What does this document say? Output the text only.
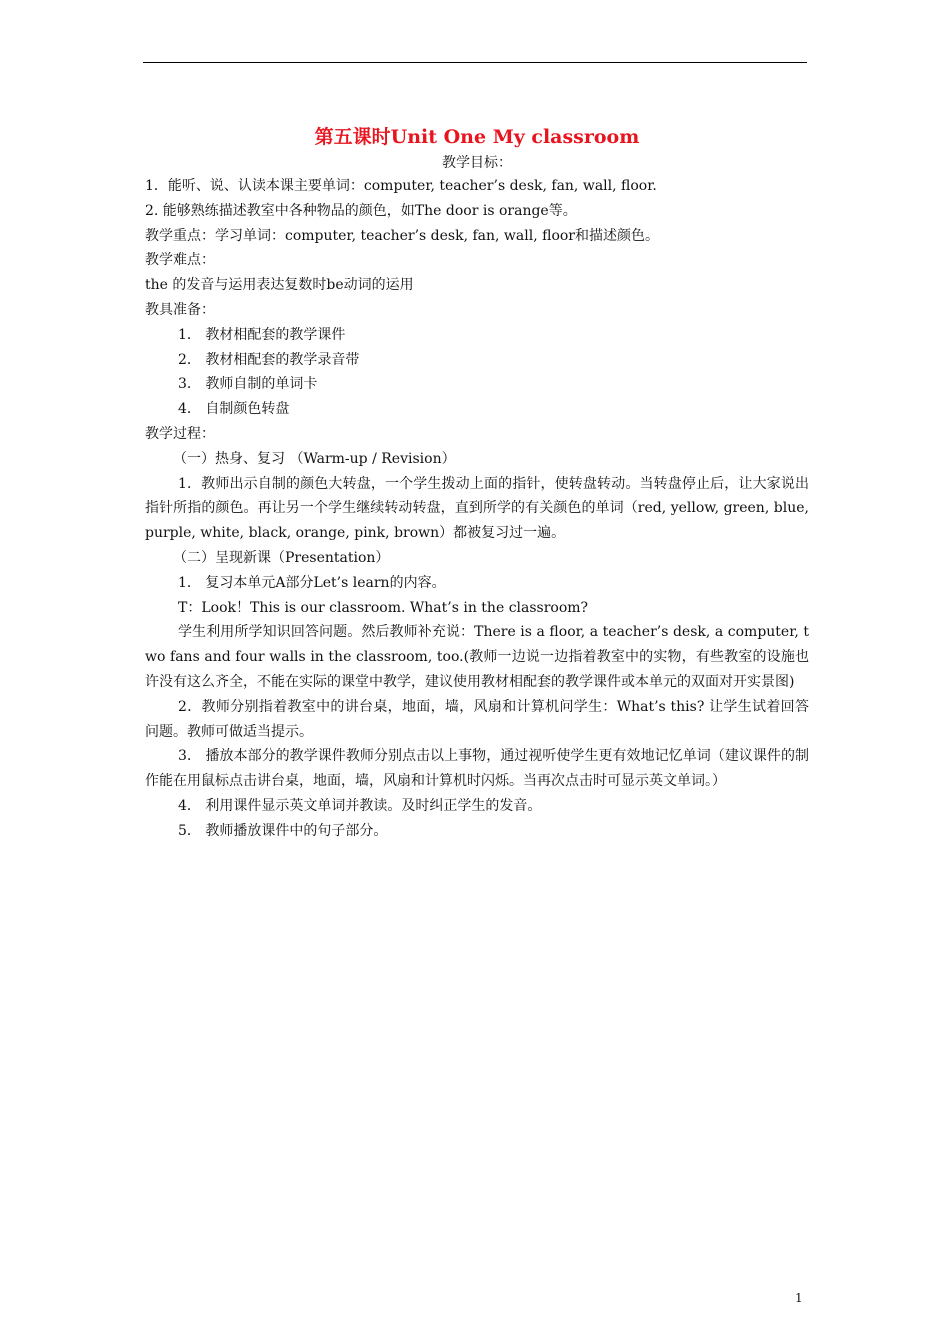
第五课时Unit One My classroom

教学目标：

1．能听、说、认读本课主要单词：computer, teacher’s desk, fan, wall, floor.

2. 能够熟练描述教室中各种物品的颜色，如The door is orange等。

教学重点：学习单词：computer, teacher’s desk, fan, wall, floor和描述颜色。

教学难点：

the 的发音与运用表达复数时be动词的运用

教具准备：

1． 教材相配套的教学课件

2． 教材相配套的教学录音带

3． 教师自制的单词卡

4． 自制颜色转盘

教学过程：

（一）热身、复习 （Warm-up / Revision）

1．教师出示自制的颜色大转盘，一个学生拨动上面的指针，使转盘转动。当转盘停止后，让大家说出指针所指的颜色。再让另一个学生继续转动转盘，直到所学的有关颜色的单词（red, yellow, green, blue, purple, white, black, orange, pink, brown）都被复习过一遍。

（二）呈现新课（Presentation）

1． 复习本单元A部分Let’s learn的内容。

T：Look！This is our classroom. What’s in the classroom?

学生利用所学知识回答问题。然后教师补充说：There is a floor, a teacher’s desk, a computer, two fans and four walls in the classroom, too.(教师一边说一边指着教室中的实物，有些教室的设施也许没有这么齐全，不能在实际的课堂中教学，建议使用教材相配套的教学课件或本单元的双面对开实景图)

2．教师分别指着教室中的讲台桌，地面，墙，风扇和计算机问学生：What’s this? 让学生试着回答问题。教师可做适当提示。

3． 播放本部分的教学课件教师分别点击以上事物，通过视听使学生更有效地记忆单词（建议课件的制作能在用鼠标点击讲台桌，地面，墙，风扇和计算机时闪烁。当再次点击时可显示英文单词。）

4． 利用课件显示英文单词并教读。及时纠正学生的发音。

5． 教师播放课件中的句子部分。

1
